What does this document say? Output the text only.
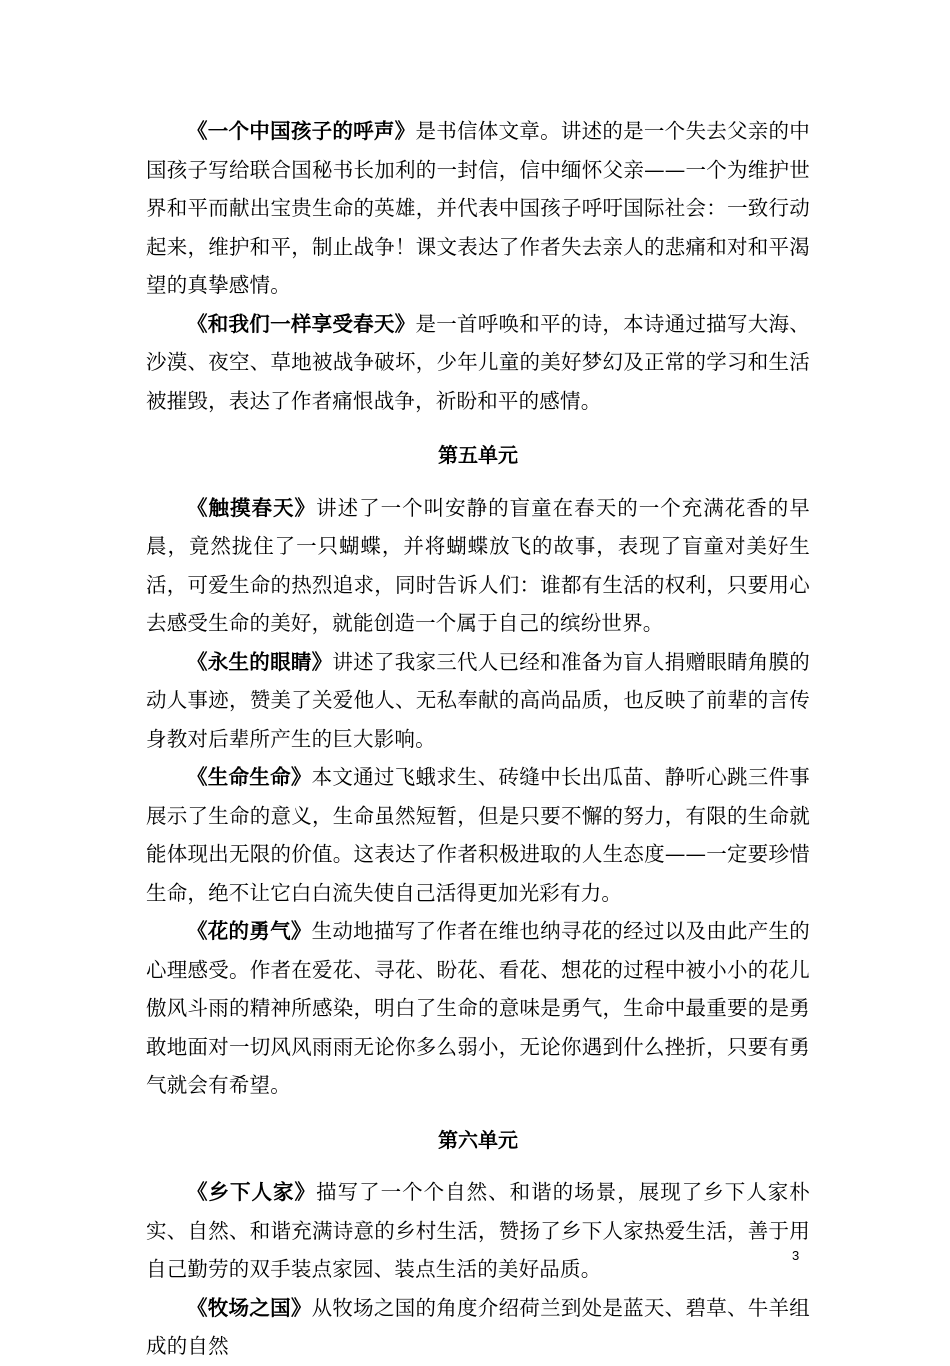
《一个中国孩子的呼声》是书信体文章。讲述的是一个失去父亲的中国孩子写给联合国秘书长加利的一封信，信中缅怀父亲——一个为维护世界和平而献出宝贵生命的英雄，并代表中国孩子呼吁国际社会：一致行动起来，维护和平，制止战争！课文表达了作者失去亲人的悲痛和对和平渴望的真挚感情。

《和我们一样享受春天》是一首呼唤和平的诗，本诗通过描写大海、沙漠、夜空、草地被战争破坏，少年儿童的美好梦幻及正常的学习和生活被摧毁，表达了作者痛恨战争，祈盼和平的感情。

第五单元

《触摸春天》讲述了一个叫安静的盲童在春天的一个充满花香的早晨，竟然拢住了一只蝴蝶，并将蝴蝶放飞的故事，表现了盲童对美好生活，可爱生命的热烈追求，同时告诉人们：谁都有生活的权利，只要用心去感受生命的美好，就能创造一个属于自己的缤纷世界。

《永生的眼睛》讲述了我家三代人已经和准备为盲人捐赠眼睛角膜的动人事迹，赞美了关爱他人、无私奉献的高尚品质，也反映了前辈的言传身教对后辈所产生的巨大影响。

《生命生命》本文通过飞蛾求生、砖缝中长出瓜苗、静听心跳三件事展示了生命的意义，生命虽然短暂，但是只要不懈的努力，有限的生命就能体现出无限的价值。这表达了作者积极进取的人生态度——一定要珍惜生命，绝不让它白白流失使自己活得更加光彩有力。

《花的勇气》生动地描写了作者在维也纳寻花的经过以及由此产生的心理感受。作者在爱花、寻花、盼花、看花、想花的过程中被小小的花儿傲风斗雨的精神所感染，明白了生命的意味是勇气，生命中最重要的是勇敢地面对一切风风雨雨无论你多么弱小，无论你遇到什么挫折，只要有勇气就会有希望。

第六单元

《乡下人家》描写了一个个自然、和谐的场景，展现了乡下人家朴实、自然、和谐充满诗意的乡村生活，赞扬了乡下人家热爱生活，善于用自己勤劳的双手装点家园、装点生活的美好品质。

《牧场之国》从牧场之国的角度介绍荷兰到处是蓝天、碧草、牛羊组成的自然

3
